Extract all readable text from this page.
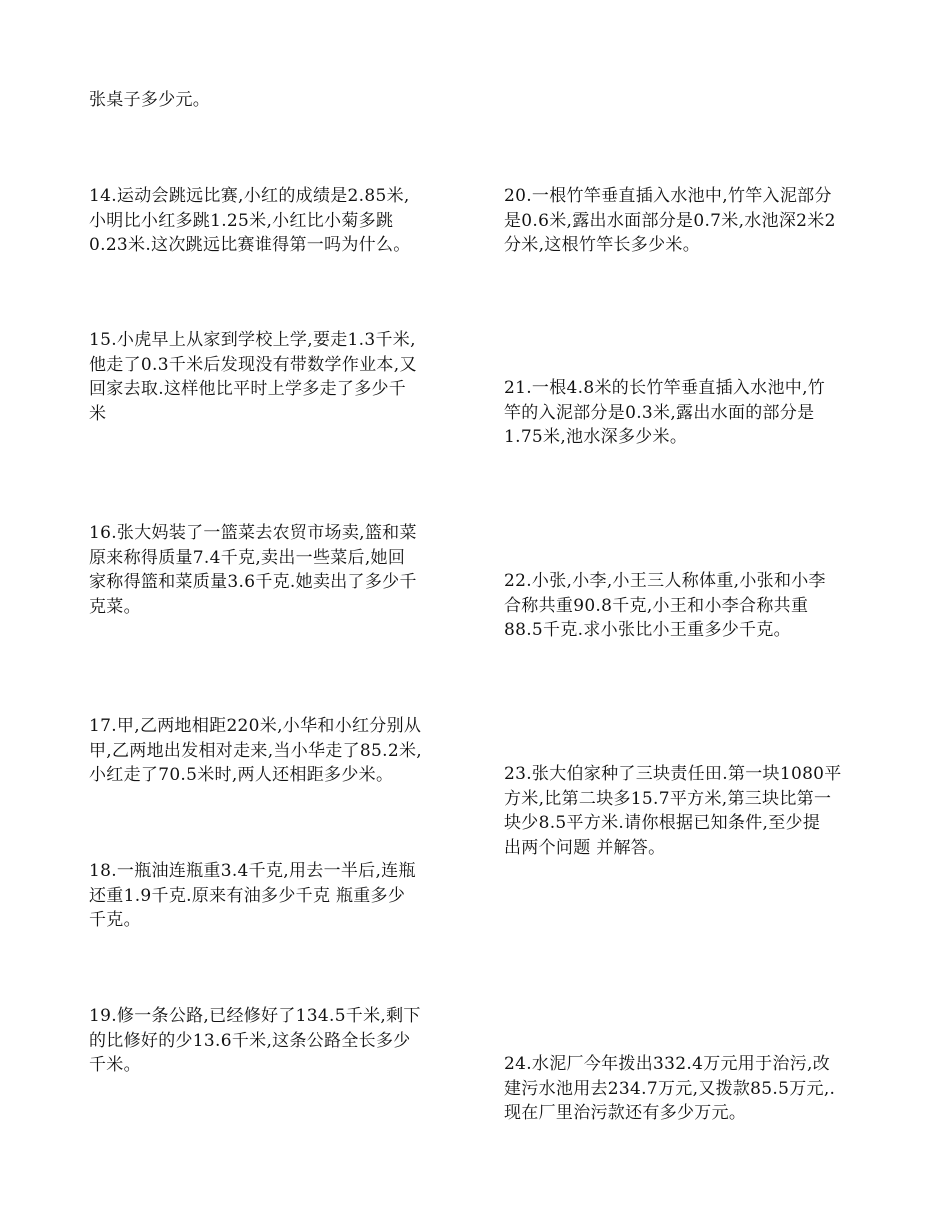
张桌子多少元。
14.运动会跳远比赛,小红的成绩是2.85米,
小明比小红多跳1.25米,小红比小菊多跳
0.23米.这次跳远比赛谁得第一吗为什么。
15.小虎早上从家到学校上学,要走1.3千米,
他走了0.3千米后发现没有带数学作业本,又
回家去取.这样他比平时上学多走了多少千
米
16.张大妈装了一篮菜去农贸市场卖,篮和菜
原来称得质量7.4千克,卖出一些菜后,她回
家称得篮和菜质量3.6千克.她卖出了多少千
克菜。
17.甲,乙两地相距220米,小华和小红分别从
甲,乙两地出发相对走来,当小华走了85.2米,
小红走了70.5米时,两人还相距多少米。
18.一瓶油连瓶重3.4千克,用去一半后,连瓶
还重1.9千克.原来有油多少千克 瓶重多少
千克。
19.修一条公路,已经修好了134.5千米,剩下
的比修好的少13.6千米,这条公路全长多少
千米。
20.一根竹竿垂直插入水池中,竹竿入泥部分
是0.6米,露出水面部分是0.7米,水池深2米2
分米,这根竹竿长多少米。
21.一根4.8米的长竹竿垂直插入水池中,竹
竿的入泥部分是0.3米,露出水面的部分是
1.75米,池水深多少米。
22.小张,小李,小王三人称体重,小张和小李
合称共重90.8千克,小王和小李合称共重
88.5千克.求小张比小王重多少千克。
23.张大伯家种了三块责任田.第一块1080平
方米,比第二块多15.7平方米,第三块比第一
块少8.5平方米.请你根据已知条件,至少提
出两个问题 并解答。
24.水泥厂今年拨出332.4万元用于治污,改
建污水池用去234.7万元,又拨款85.5万元,.
现在厂里治污款还有多少万元。
